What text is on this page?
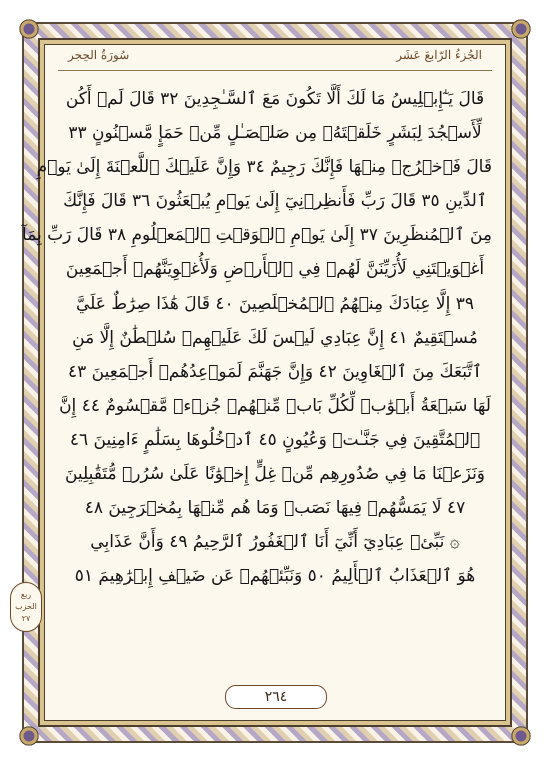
سُورَةُ الحِجر	الجُزءُ الرّابعَ عَشَر
قَالَ يَـٰٓإِبۡلِيسُ مَا لَكَ أَلَّا تَكُونَ مَعَ ٱلسَّـٰجِدِينَ ٣٢ قَالَ لَمۡ أَكُن
لِّأَسۡجُدَ لِبَشَرٍ خَلَقۡتَهُۥ مِن صَلۡصَـٰلٍ مِّنۡ حَمَإٍ مَّسۡنُونٍ ٣٣
قَالَ فَٱخۡرُجۡ مِنۡهَا فَإِنَّكَ رَجِيمٌ ٣٤ وَإِنَّ عَلَيۡكَ ٱللَّعۡنَةَ إِلَىٰ يَوۡمِ
ٱلدِّينِ ٣٥ قَالَ رَبِّ فَأَنظِرۡنِيٓ إِلَىٰ يَوۡمِ يُبۡعَثُونَ ٣٦ قَالَ فَإِنَّكَ
مِنَ ٱلۡمُنظَرِينَ ٣٧ إِلَىٰ يَوۡمِ ٱلۡوَقۡتِ ٱلۡمَعۡلُومِ ٣٨ قَالَ رَبِّ بِمَآ
أَغۡوَيۡتَنِي لَأُزَيِّنَنَّ لَهُمۡ فِي ٱلۡأَرۡضِ وَلَأُغۡوِيَنَّهُمۡ أَجۡمَعِينَ
٣٩ إِلَّا عِبَادَكَ مِنۡهُمُ ٱلۡمُخۡلَصِينَ ٤٠ قَالَ هَٰذَا صِرَٰطٌ عَلَيَّ
مُسۡتَقِيمٌ ٤١ إِنَّ عِبَادِي لَيۡسَ لَكَ عَلَيۡهِمۡ سُلۡطَٰنٌ إِلَّا مَنِ
ٱتَّبَعَكَ مِنَ ٱلۡغَاوِينَ ٤٢ وَإِنَّ جَهَنَّمَ لَمَوۡعِدُهُمۡ أَجۡمَعِينَ ٤٣
لَهَا سَبۡعَةُ أَبۡوَٰبٖ لِّكُلِّ بَابٖ مِّنۡهُمۡ جُزۡءٞ مَّقۡسُومٌ ٤٤ إِنَّ
ٱلۡمُتَّقِينَ فِي جَنَّـٰتٖ وَعُيُونٍ ٤٥ ٱدۡخُلُوهَا بِسَلَٰمٍ ءَامِنِينَ ٤٦
وَنَزَعۡنَا مَا فِي صُدُورِهِم مِّنۡ غِلٍّ إِخۡوَٰنًا عَلَىٰ سُرُرٖ مُّتَقَٰبِلِينَ
٤٧ لَا يَمَسُّهُمۡ فِيهَا نَصَبٞ وَمَا هُم مِّنۡهَا بِمُخۡرَجِينَ ٤٨
۞ نَبِّئۡ عِبَادِيٓ أَنِّيٓ أَنَا ٱلۡغَفُورُ ٱلرَّحِيمُ ٤٩ وَأَنَّ عَذَابِي
هُوَ ٱلۡعَذَابُ ٱلۡأَلِيمُ ٥٠ وَنَبِّئۡهُمۡ عَن ضَيۡفِ إِبۡرَٰهِيمَ ٥١
ربع
الحزب
٢٧
٢٦٤
